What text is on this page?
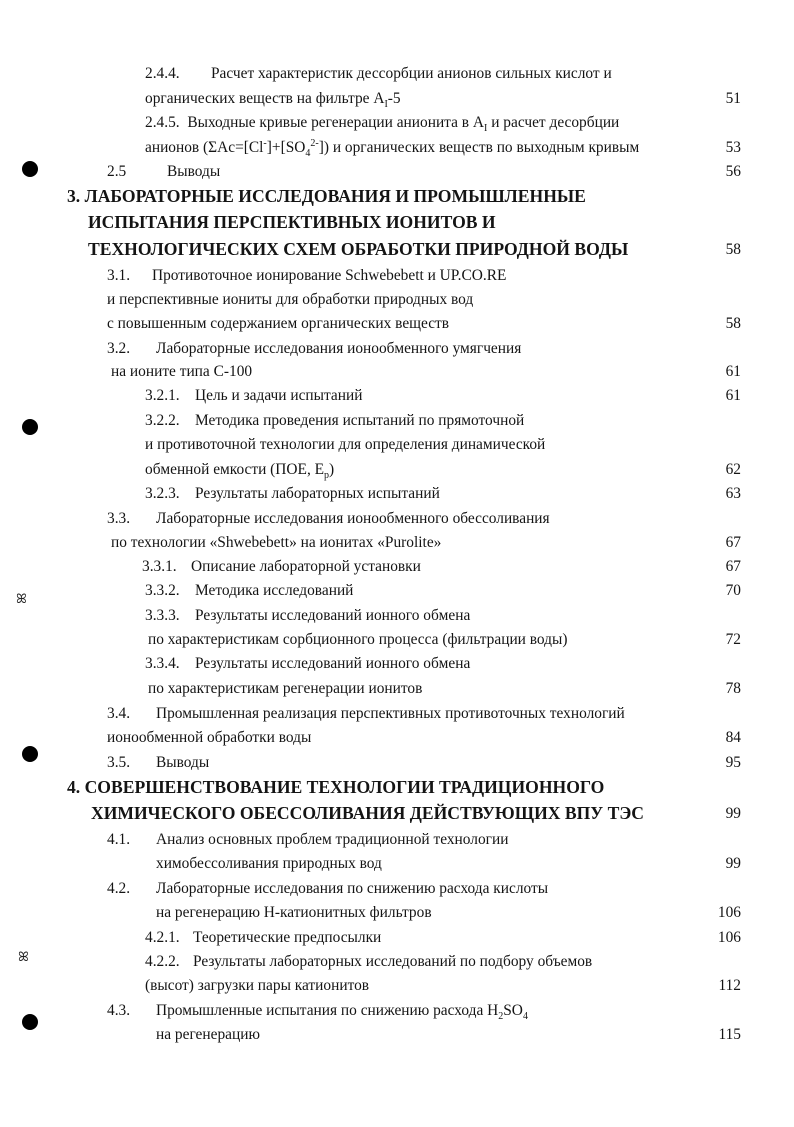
ꕤ
ꕤ
2.4.4. Расчет характеристик дессорбции анионов сильных кислот и
органических веществ на фильтре $А_I-5$	51
2.4.5. Выходные кривые регенерации анионита в $А_I$ и расчет десорбции
анионов $(\Sigma Ac=[Cl^-]+[SO_4^{2-}])$ и органических веществ по выходным кривым	53
2.5	Выводы	56
3. ЛАБОРАТОРНЫЕ ИССЛЕДОВАНИЯ И ПРОМЫШЛЕННЫЕ
ИСПЫТАНИЯ ПЕРСПЕКТИВНЫХ ИОНИТОВ И
ТЕХНОЛОГИЧЕСКИХ СХЕМ ОБРАБОТКИ ПРИРОДНОЙ ВОДЫ	58
3.1. Противоточное ионирование Schwebebett и UP.CO.RE
и перспективные иониты для обработки природных вод
с повышенным содержанием органических веществ	58
3.2. Лабораторные исследования ионообменного умягчения
на ионите типа С-100	61
3.2.1. Цель и задачи испытаний	61
3.2.2. Методика проведения испытаний по прямоточной
и противоточной технологии для определения динамической
обменной емкости (ПОЕ, $Е_р$)	62
3.2.3. Результаты лабораторных испытаний	63
3.3. Лабораторные исследования ионообменного обессоливания
по технологии «Shwebebett» на ионитах «Purolite»	67
3.3.1. Описание лабораторной установки	67
3.3.2. Методика исследований	70
3.3.3. Результаты исследований ионного обмена
по характеристикам сорбционного процесса (фильтрации воды)	72
3.3.4. Результаты исследований ионного обмена
по характеристикам регенерации ионитов	78
3.4. Промышленная реализация перспективных противоточных технологий
ионообменной обработки воды	84
3.5. Выводы	95
4. СОВЕРШЕНСТВОВАНИЕ ТЕХНОЛОГИИ ТРАДИЦИОННОГО
ХИМИЧЕСКОГО ОБЕССОЛИВАНИЯ ДЕЙСТВУЮЩИХ ВПУ ТЭС	99
4.1. Анализ основных проблем традиционной технологии
химобессоливания природных вод	99
4.2. Лабораторные исследования по снижению расхода кислоты
на регенерацию Н-катионитных фильтров	106
4.2.1. Теоретические предпосылки	106
4.2.2. Результаты лабораторных исследований по подбору объемов
(высот) загрузки пары катионитов	112
4.3. Промышленные испытания по снижению расхода $H_2SO_4$
на регенерацию	115
